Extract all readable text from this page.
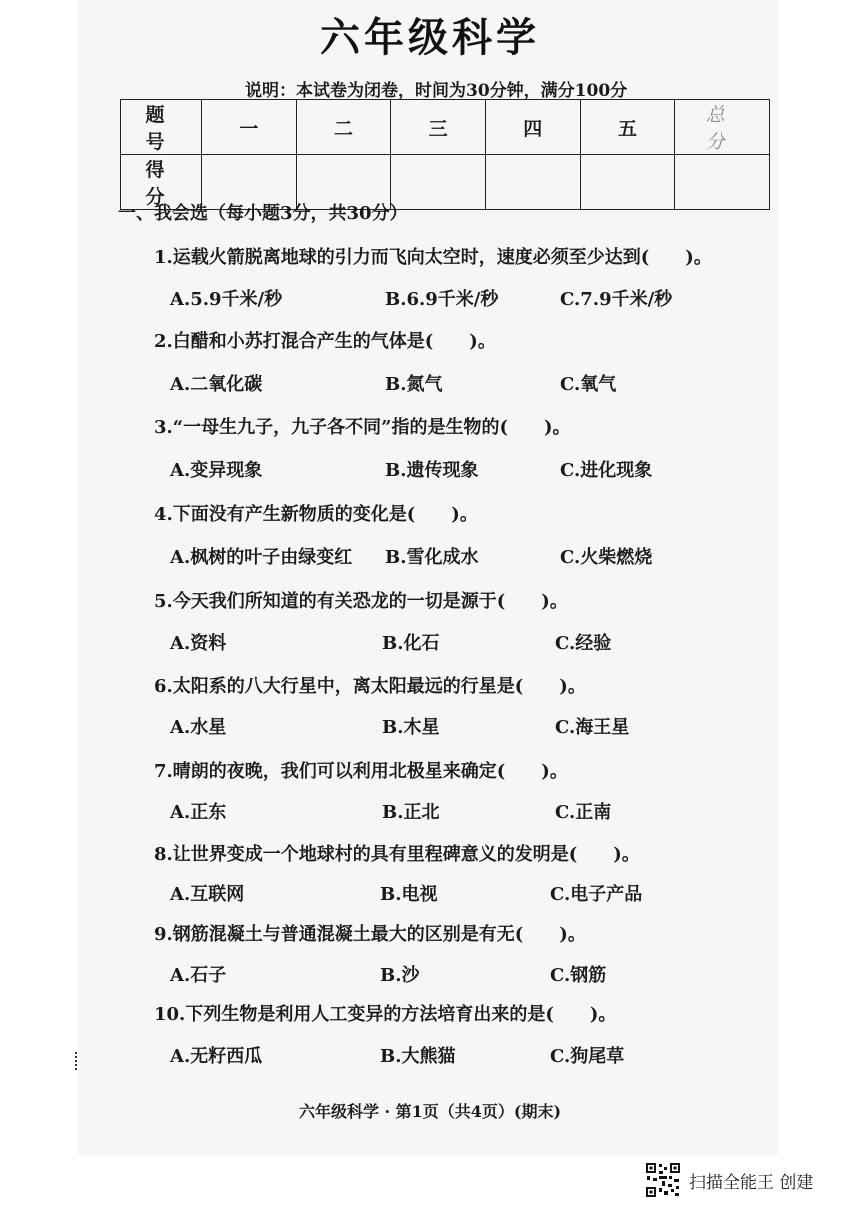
六年级科学
说明：本试卷为闭卷，时间为30分钟，满分100分
题　号	一	二	三	四	五	总　分
得　分						
一、我会选（每小题3分，共30分）
1.运载火箭脱离地球的引力而飞向太空时，速度必须至少达到(　　)。
A.5.9千米/秒	B.6.9千米/秒	C.7.9千米/秒
2.白醋和小苏打混合产生的气体是(　　)。
A.二氧化碳	B.氮气	C.氧气
3.“一母生九子，九子各不同”指的是生物的(　　)。
A.变异现象	B.遗传现象	C.进化现象
4.下面没有产生新物质的变化是(　　)。
A.枫树的叶子由绿变红 B.雪化成水	C.火柴燃烧
5.今天我们所知道的有关恐龙的一切是源于(　　)。
A.资料	B.化石	C.经验
6.太阳系的八大行星中，离太阳最远的行星是(　　)。
A.水星	B.木星	C.海王星
7.晴朗的夜晚，我们可以利用北极星来确定(　　)。
A.正东	B.正北	C.正南
8.让世界变成一个地球村的具有里程碑意义的发明是(　　)。
A.互联网	B.电视	C.电子产品
9.钢筋混凝土与普通混凝土最大的区别是有无(　　)。
A.石子	B.沙	C.钢筋
10.下列生物是利用人工变异的方法培育出来的是(　　)。
A.无籽西瓜	B.大熊猫	C.狗尾草
六年级科学 · 第1页（共4页）(期末)
扫描全能王 创建
